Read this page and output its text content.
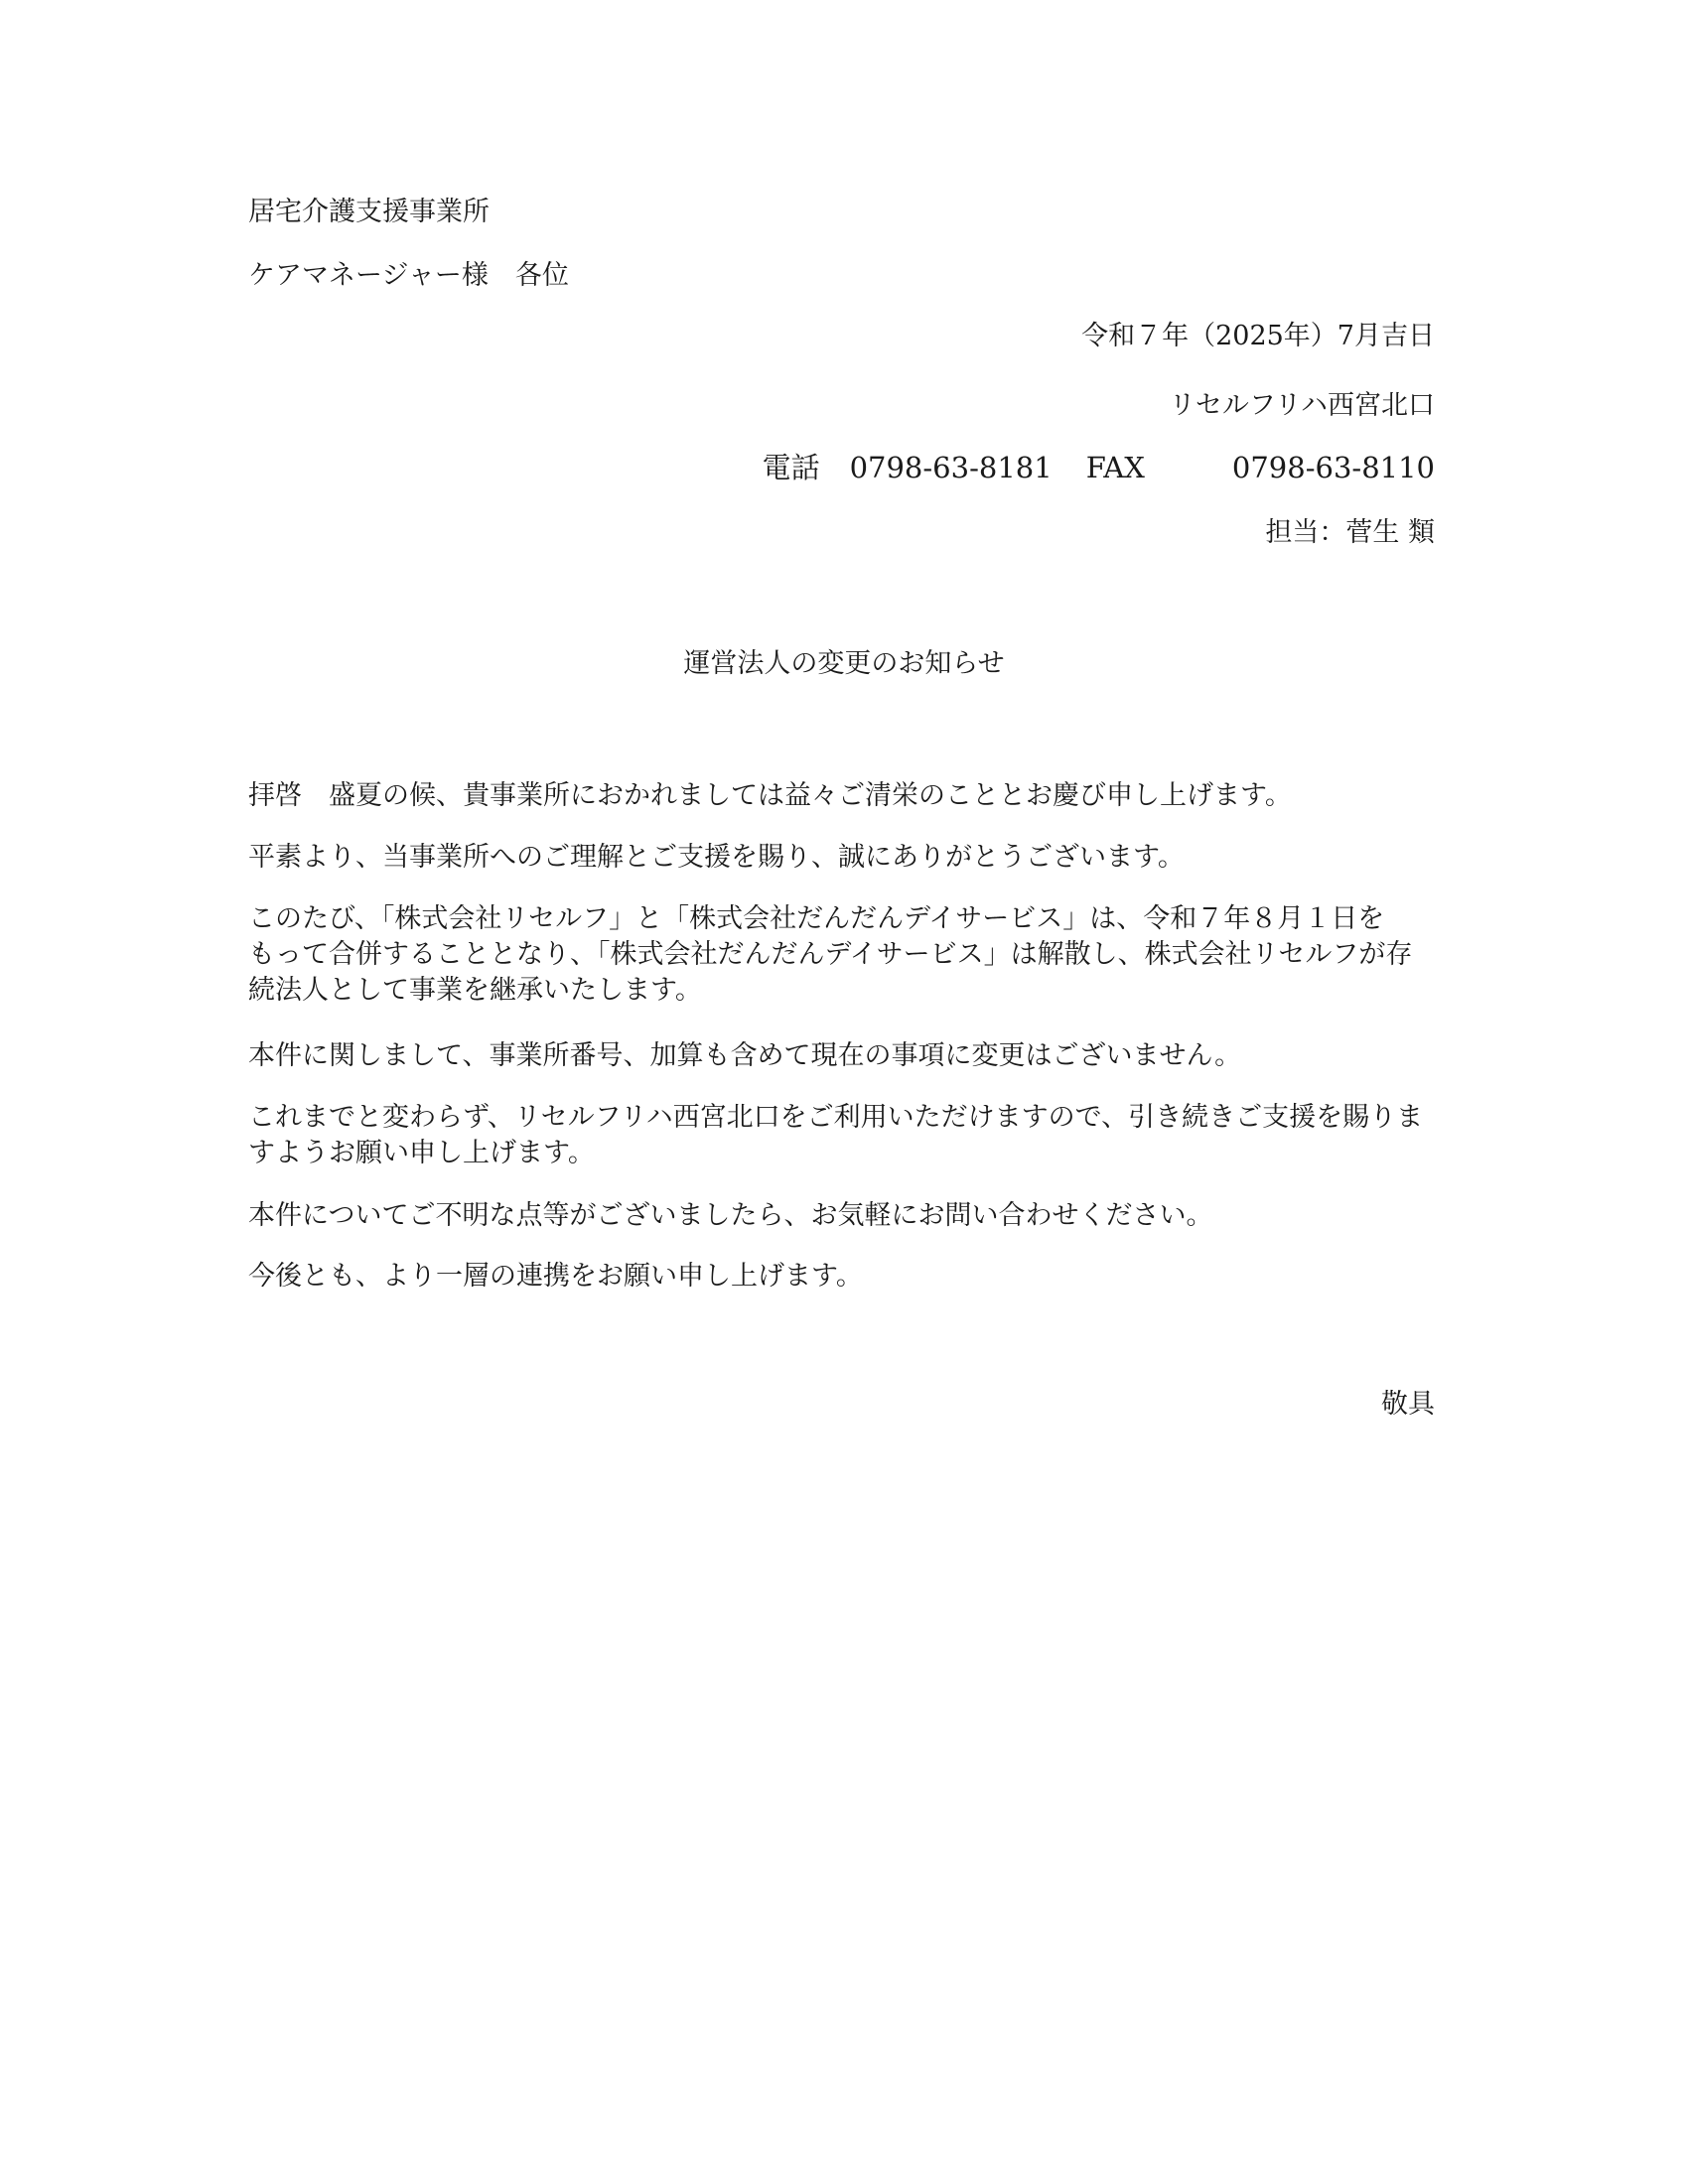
居宅介護支援事業所
ケアマネージャー様　各位
令和７年（2025年）7月吉日
リセルフリハ西宮北口
電話 0798-63-8181 FAX	0798-63-8110
担当：菅生 類
運営法人の変更のお知らせ
拝啓　盛夏の候、貴事業所におかれましては益々ご清栄のこととお慶び申し上げます。
平素より、当事業所へのご理解とご支援を賜り、誠にありがとうございます。
このたび、「株式会社リセルフ」と「株式会社だんだんデイサービス」は、令和７年８月１日を
もって合併することとなり、「株式会社だんだんデイサービス」は解散し、株式会社リセルフが存
続法人として事業を継承いたします。
本件に関しまして、事業所番号、加算も含めて現在の事項に変更はございません。
これまでと変わらず、リセルフリハ西宮北口をご利用いただけますので、引き続きご支援を賜りま
すようお願い申し上げます。
本件についてご不明な点等がございましたら、お気軽にお問い合わせください。
今後とも、より一層の連携をお願い申し上げます。
敬具
